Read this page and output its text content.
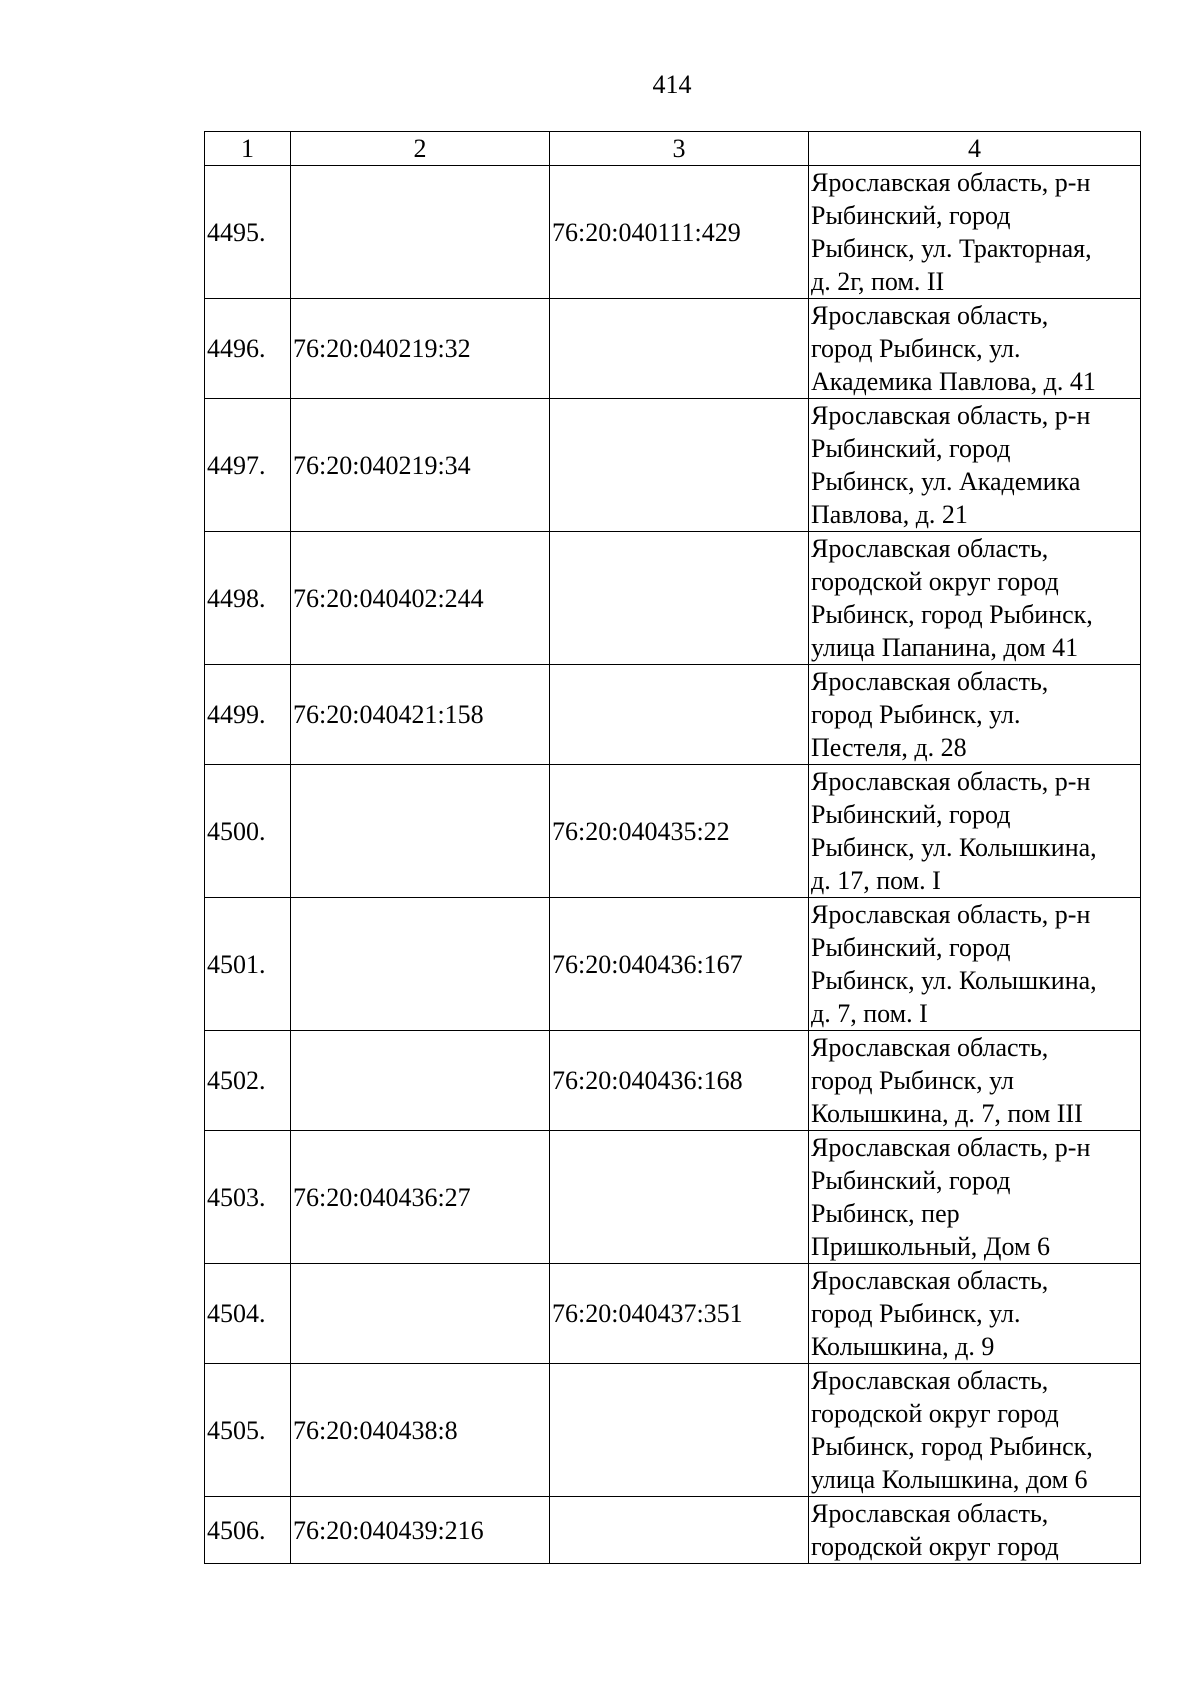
414
1	2	3	4
4495.		76:20:040111:429	Ярославская область, р-н
Рыбинский, город
Рыбинск, ул. Тракторная,
д. 2г, пом. II

4496.	76:20:040219:32		Ярославская область,
город Рыбинск, ул.
Академика Павлова, д. 41

4497.	76:20:040219:34		Ярославская область, р-н
Рыбинский, город
Рыбинск, ул. Академика
Павлова, д. 21

4498.	76:20:040402:244		Ярославская область,
городской округ город
Рыбинск, город Рыбинск,
улица Папанина, дом 41

4499.	76:20:040421:158		Ярославская область,
город Рыбинск, ул.
Пестеля, д. 28

4500.		76:20:040435:22	Ярославская область, р-н
Рыбинский, город
Рыбинск, ул. Колышкина,
д. 17, пом. I

4501.		76:20:040436:167	Ярославская область, р-н
Рыбинский, город
Рыбинск, ул. Колышкина,
д. 7, пом. I

4502.		76:20:040436:168	Ярославская область,
город Рыбинск, ул
Колышкина, д. 7, пом III

4503.	76:20:040436:27		Ярославская область, р-н
Рыбинский, город
Рыбинск, пер
Пришкольный, Дом 6

4504.		76:20:040437:351	Ярославская область,
город Рыбинск, ул.
Колышкина, д. 9

4505.	76:20:040438:8		Ярославская область,
городской округ город
Рыбинск, город Рыбинск,
улица Колышкина, дом 6

4506.	76:20:040439:216		Ярославская область,
городской округ город
